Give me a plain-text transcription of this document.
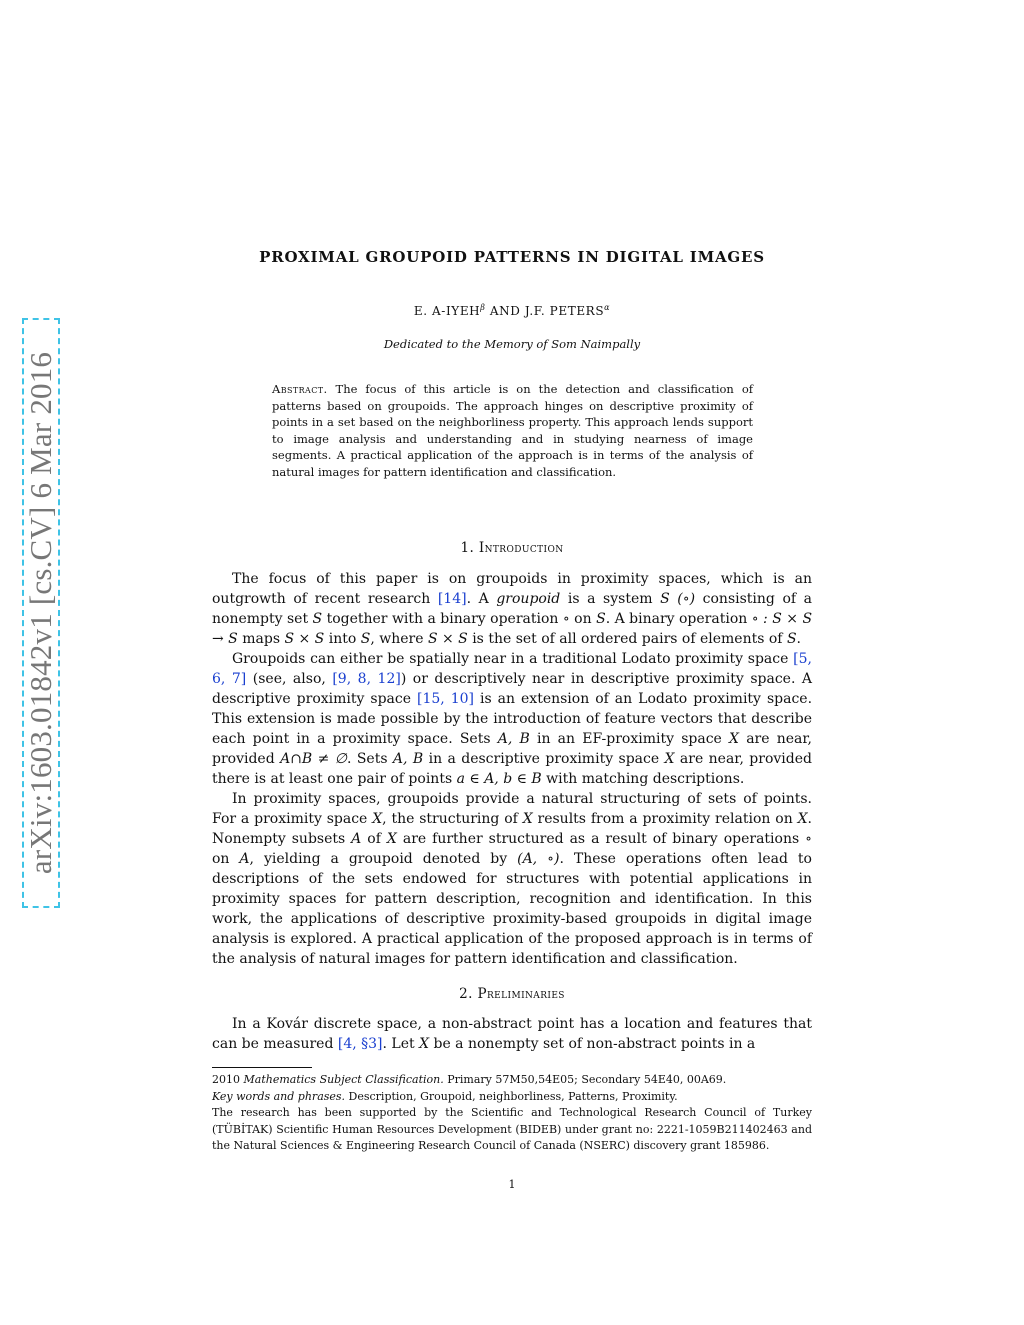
arXiv:1603.01842v1 [cs.CV] 6 Mar 2016
PROXIMAL GROUPOID PATTERNS IN DIGITAL IMAGES
E. $A-IYEH^\beta$ AND J.F. $PETERS^\alpha$
Dedicated to the Memory of Som Naimpally
Abstract. The focus of this article is on the detection and classification of patterns based on groupoids. The approach hinges on descriptive proximity of points in a set based on the neighborliness property. This approach lends support to image analysis and understanding and in studying nearness of image segments. A practical application of the approach is in terms of the analysis of natural images for pattern identification and classification.
1. Introduction

The focus of this paper is on groupoids in proximity spaces, which is an outgrowth of recent research [14]. A groupoid is a system S (∘) consisting of a nonempty set S together with a binary operation ∘ on S. A binary operation ∘ : S × S → S maps S × S into S, where S × S is the set of all ordered pairs of elements of S.

Groupoids can either be spatially near in a traditional Lodato proximity space [5, 6, 7] (see, also, [9, 8, 12]) or descriptively near in descriptive proximity space. A descriptive proximity space [15, 10] is an extension of an Lodato proximity space. This extension is made possible by the introduction of feature vectors that describe each point in a proximity space. Sets A, B in an EF-proximity space X are near, provided A∩B ≠ ∅. Sets A, B in a descriptive proximity space X are near, provided there is at least one pair of points a ∈ A, b ∈ B with matching descriptions.

In proximity spaces, groupoids provide a natural structuring of sets of points. For a proximity space X, the structuring of X results from a proximity relation on X. Nonempty subsets A of X are further structured as a result of binary operations ∘ on A, yielding a groupoid denoted by (A, ∘). These operations often lead to descriptions of the sets endowed for structures with potential applications in proximity spaces for pattern description, recognition and identification. In this work, the applications of descriptive proximity-based groupoids in digital image analysis is explored. A practical application of the proposed approach is in terms of the analysis of natural images for pattern identification and classification.

2. Preliminaries

In a Kovár discrete space, a non-abstract point has a location and features that can be measured [4, §3]. Let X be a nonempty set of non-abstract points in a

2010 Mathematics Subject Classification. Primary 57M50,54E05; Secondary 54E40, 00A69.
Key words and phrases. Description, Groupoid, neighborliness, Patterns, Proximity.
The research has been supported by the Scientific and Technological Research Council of Turkey (TÜBİTAK) Scientific Human Resources Development (BIDEB) under grant no: 2221-1059B211402463 and the Natural Sciences & Engineering Research Council of Canada (NSERC) discovery grant 185986.
1
